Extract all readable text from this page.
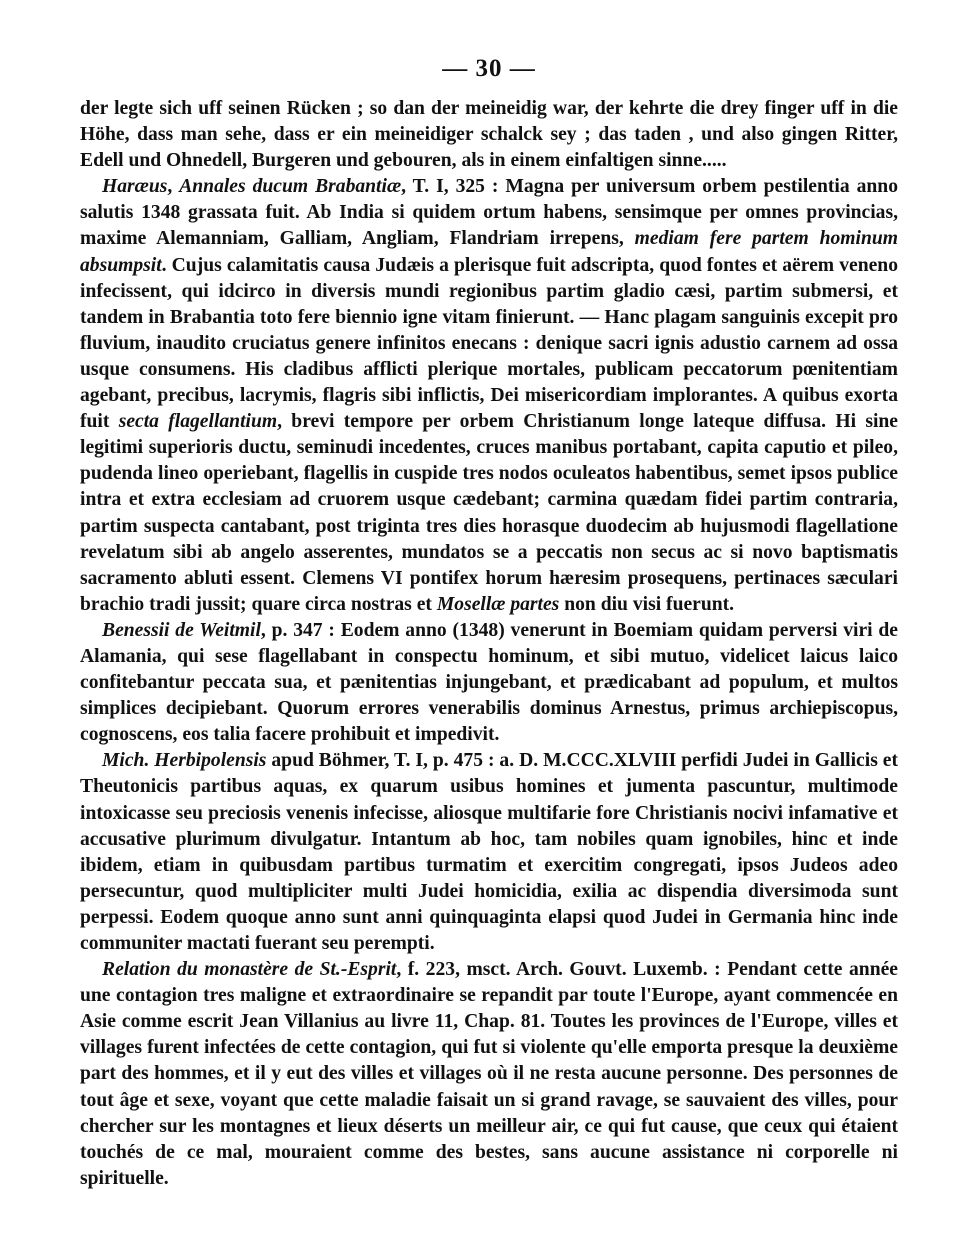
— 30 —

der legte sich uff seinen Rücken ; so dan der meineidig war, der kehrte die drey finger uff in die Höhe, dass man sehe, dass er ein meineidiger schalck sey ; das taden , und also gingen Ritter, Edell und Ohnedell, Burgeren und gebouren, als in einem einfaltigen sinne.....

Haræus, Annales ducum Brabantiæ, T. I, 325 : Magna per universum orbem pestilentia anno salutis 1348 grassata fuit. Ab India si quidem ortum habens, sensimque per omnes provincias, maxime Alemanniam, Galliam, Angliam, Flandriam irrepens, mediam fere partem hominum absumpsit. Cujus calamitatis causa Judæis a plerisque fuit adscripta, quod fontes et aërem veneno infecissent, qui idcirco in diversis mundi regionibus partim gladio cæsi, partim submersi, et tandem in Brabantia toto fere biennio igne vitam finierunt. — Hanc plagam sanguinis excepit pro fluvium, inaudito cruciatus genere infinitos enecans : denique sacri ignis adustio carnem ad ossa usque consumens. His cladibus afflicti plerique mortales, publicam peccatorum pœnitentiam agebant, precibus, lacrymis, flagris sibi inflictis, Dei misericordiam implorantes. A quibus exorta fuit secta flagellantium, brevi tempore per orbem Christianum longe lateque diffusa. Hi sine legitimi superioris ductu, seminudi incedentes, cruces manibus portabant, capita caputio et pileo, pudenda lineo operiebant, flagellis in cuspide tres nodos oculeatos habentibus, semet ipsos publice intra et extra ecclesiam ad cruorem usque cædebant; carmina quædam fidei partim contraria, partim suspecta cantabant, post triginta tres dies horasque duodecim ab hujusmodi flagellatione revelatum sibi ab angelo asserentes, mundatos se a peccatis non secus ac si novo baptismatis sacramento abluti essent. Clemens VI pontifex horum hæresim prosequens, pertinaces sæculari brachio tradi jussit; quare circa nostras et Mosellæ partes non diu visi fuerunt.

Benessii de Weitmil, p. 347 : Eodem anno (1348) venerunt in Boemiam quidam perversi viri de Alamania, qui sese flagellabant in conspectu hominum, et sibi mutuo, videlicet laicus laico confitebantur peccata sua, et pænitentias injungebant, et prædicabant ad populum, et multos simplices decipiebant. Quorum errores venerabilis dominus Arnestus, primus archiepiscopus, cognoscens, eos talia facere prohibuit et impedivit.

Mich. Herbipolensis apud Böhmer, T. I, p. 475 : a. D. M.CCC.XLVIII perfidi Judei in Gallicis et Theutonicis partibus aquas, ex quarum usibus homines et jumenta pascuntur, multimode intoxicasse seu preciosis venenis infecisse, aliosque multifarie fore Christianis nocivi infamative et accusative plurimum divulgatur. Intantum ab hoc, tam nobiles quam ignobiles, hinc et inde ibidem, etiam in quibusdam partibus turmatim et exercitim congregati, ipsos Judeos adeo persecuntur, quod multipliciter multi Judei homicidia, exilia ac dispendia diversimoda sunt perpessi. Eodem quoque anno sunt anni quinquaginta elapsi quod Judei in Germania hinc inde communiter mactati fuerant seu perempti.

Relation du monastère de St.-Esprit, f. 223, msct. Arch. Gouvt. Luxemb. : Pendant cette année une contagion tres maligne et extraordinaire se repandit par toute l'Europe, ayant commencée en Asie comme escrit Jean Villanius au livre 11, Chap. 81. Toutes les provinces de l'Europe, villes et villages furent infectées de cette contagion, qui fut si violente qu'elle emporta presque la deuxième part des hommes, et il y eut des villes et villages où il ne resta aucune personne. Des personnes de tout âge et sexe, voyant que cette maladie faisait un si grand ravage, se sauvaient des villes, pour chercher sur les montagnes et lieux déserts un meilleur air, ce qui fut cause, que ceux qui étaient touchés de ce mal, mouraient comme des bestes, sans aucune assistance ni corporelle ni spirituelle.
